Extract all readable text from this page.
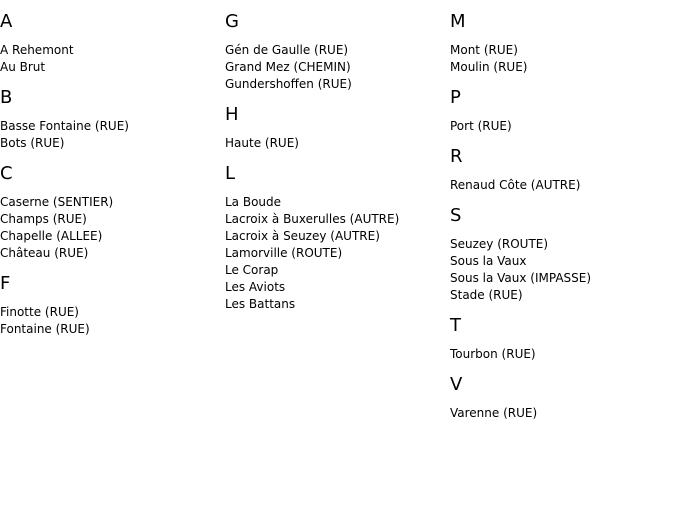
A
A Rehemont
Au Brut
B
Basse Fontaine (RUE)
Bots (RUE)
C
Caserne (SENTIER)
Champs (RUE)
Chapelle (ALLEE)
Château (RUE)
F
Finotte (RUE)
Fontaine (RUE)
G
Gén de Gaulle (RUE)
Grand Mez (CHEMIN)
Gundershoffen (RUE)
H
Haute (RUE)
L
La Boude
Lacroix à Buxerulles (AUTRE)
Lacroix à Seuzey (AUTRE)
Lamorville (ROUTE)
Le Corap
Les Aviots
Les Battans
M
Mont (RUE)
Moulin (RUE)
P
Port (RUE)
R
Renaud Côte (AUTRE)
S
Seuzey (ROUTE)
Sous la Vaux
Sous la Vaux (IMPASSE)
Stade (RUE)
T
Tourbon (RUE)
V
Varenne (RUE)
